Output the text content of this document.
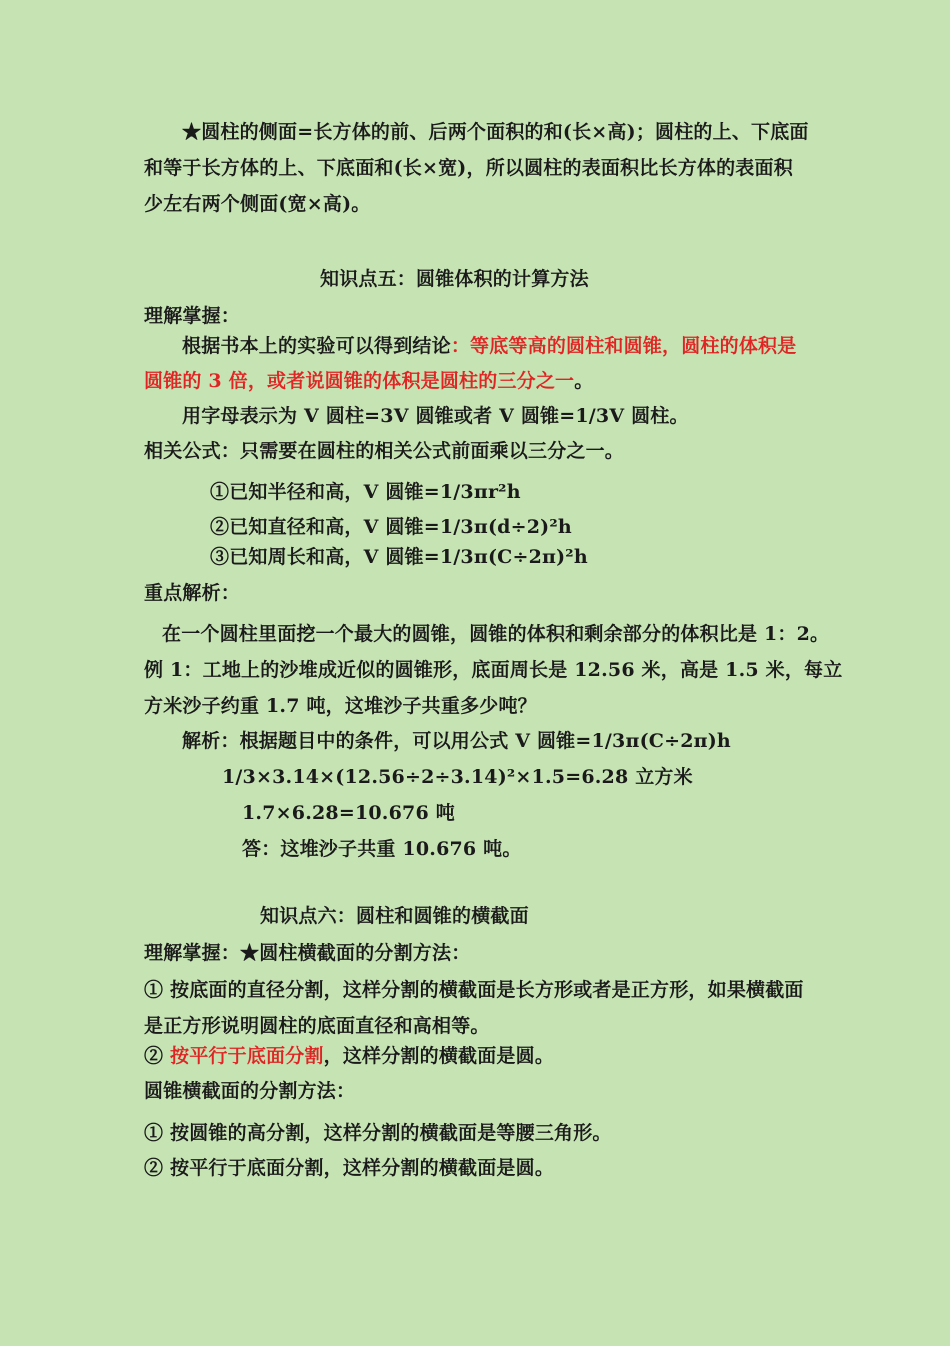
★圆柱的侧面=长方体的前、后两个面积的和(长×高)；圆柱的上、下底面
和等于长方体的上、下底面和(长×宽)，所以圆柱的表面积比长方体的表面积
少左右两个侧面(宽×高)。
知识点五：圆锥体积的计算方法
理解掌握：
根据书本上的实验可以得到结论：等底等高的圆柱和圆锥，圆柱的体积是
圆锥的 3 倍，或者说圆锥的体积是圆柱的三分之一。
用字母表示为 V 圆柱=3V 圆锥或者 V 圆锥=1/3V 圆柱。
相关公式：只需要在圆柱的相关公式前面乘以三分之一。
①已知半径和高，V 圆锥=1/3πr²h
②已知直径和高，V 圆锥=1/3π(d÷2)²h
③已知周长和高，V 圆锥=1/3π(C÷2π)²h
重点解析：
在一个圆柱里面挖一个最大的圆锥，圆锥的体积和剩余部分的体积比是 1：2。
例 1：工地上的沙堆成近似的圆锥形，底面周长是 12.56 米，高是 1.5 米，每立
方米沙子约重 1.7 吨，这堆沙子共重多少吨？
解析：根据题目中的条件，可以用公式 V 圆锥=1/3π(C÷2π)h
1/3×3.14×(12.56÷2÷3.14)²×1.5=6.28 立方米
1.7×6.28=10.676 吨
答：这堆沙子共重 10.676 吨。
知识点六：圆柱和圆锥的横截面
理解掌握：★圆柱横截面的分割方法：
① 按底面的直径分割，这样分割的横截面是长方形或者是正方形，如果横截面
是正方形说明圆柱的底面直径和高相等。
② 按平行于底面分割，这样分割的横截面是圆。
圆锥横截面的分割方法：
① 按圆锥的高分割，这样分割的横截面是等腰三角形。
② 按平行于底面分割，这样分割的横截面是圆。
